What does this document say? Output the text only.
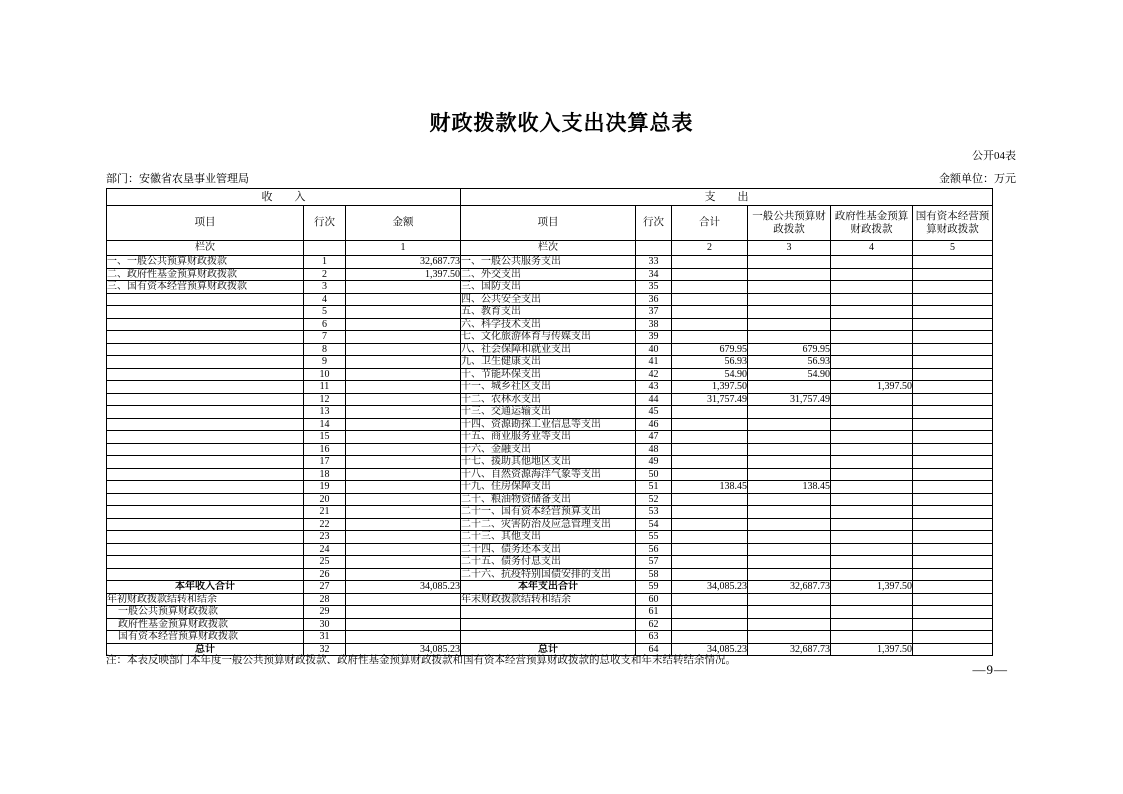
财政拨款收入支出决算总表
公开04表
部门：安徽省农垦事业管理局	金额单位：万元
收　　入			支　　出					
项目	行次	金额	项目	行次	合计	一般公共预算财政拨款	政府性基金预算财政拨款	国有资本经营预算财政拨款
栏次		1	栏次		2	3	4	5
一、一般公共预算财政拨款	1	32,687.73	一、一般公共服务支出	33				
二、政府性基金预算财政拨款	2	1,397.50	二、外交支出	34				
三、国有资本经营预算财政拨款	3		三、国防支出	35				
	4		四、公共安全支出	36				
	5		五、教育支出	37				
	6		六、科学技术支出	38				
	7		七、文化旅游体育与传媒支出	39				
	8		八、社会保障和就业支出	40	679.95	679.95		
	9		九、卫生健康支出	41	56.93	56.93		
	10		十、节能环保支出	42	54.90	54.90		
	11		十一、城乡社区支出	43	1,397.50		1,397.50	
	12		十二、农林水支出	44	31,757.49	31,757.49		
	13		十三、交通运输支出	45				
	14		十四、资源勘探工业信息等支出	46				
	15		十五、商业服务业等支出	47				
	16		十六、金融支出	48				
	17		十七、援助其他地区支出	49				
	18		十八、自然资源海洋气象等支出	50				
	19		十九、住房保障支出	51	138.45	138.45		
	20		二十、粮油物资储备支出	52				
	21		二十一、国有资本经营预算支出	53				
	22		二十二、灾害防治及应急管理支出	54				
	23		二十三、其他支出	55				
	24		二十四、债务还本支出	56				
	25		二十五、债务付息支出	57				
	26		二十六、抗疫特别国债安排的支出	58				
本年收入合计	27	34,085.23	本年支出合计	59	34,085.23	32,687.73	1,397.50	
年初财政拨款结转和结余	28		年末财政拨款结转和结余	60				
一般公共预算财政拨款	29			61				
政府性基金预算财政拨款	30			62				
国有资本经营预算财政拨款	31			63				
总计	32	34,085.23	总计	64	34,085.23	32,687.73	1,397.50	
注：本表反映部门本年度一般公共预算财政拨款、政府性基金预算财政拨款和国有资本经营预算财政拨款的总收支和年末结转结余情况。
—9—
